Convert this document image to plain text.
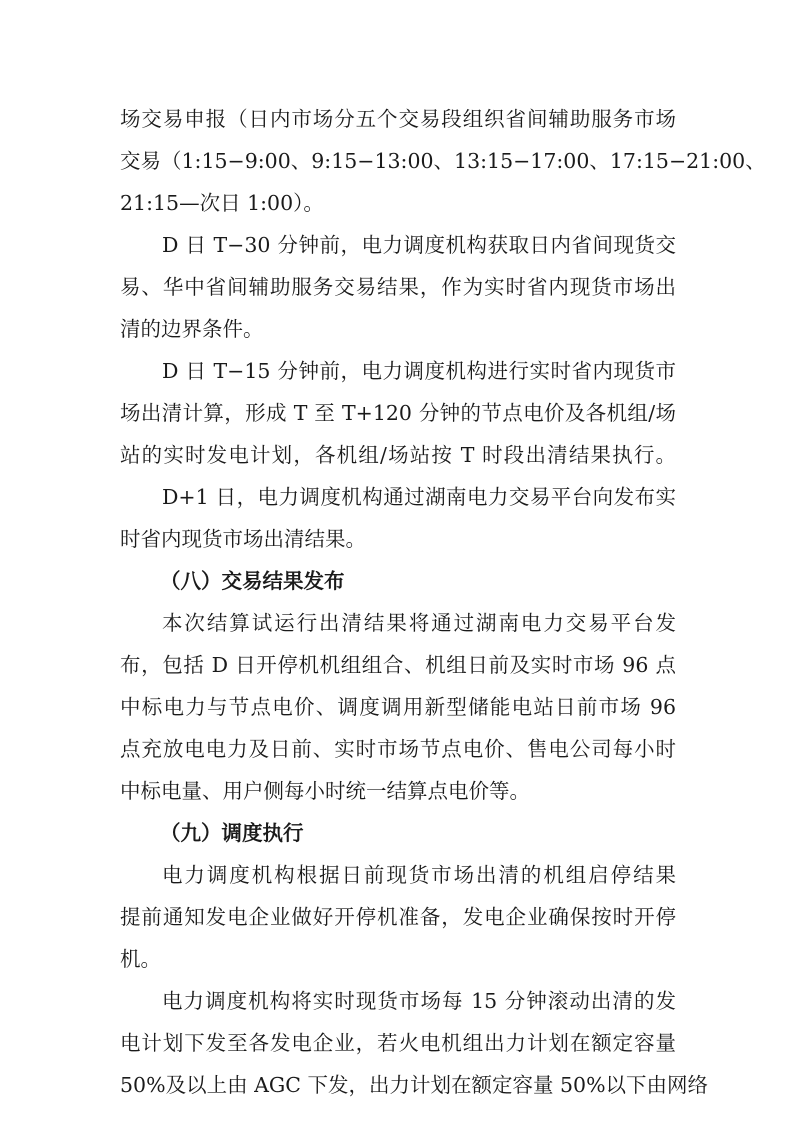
场交易申报（日内市场分五个交易段组织省间辅助服务市场
交易（1:15−9:00、9:15−13:00、13:15−17:00、17:15−21:00、
21:15—次日 1:00）。
D 日 T−30 分钟前，电力调度机构获取日内省间现货交
易、华中省间辅助服务交易结果，作为实时省内现货市场出
清的边界条件。
D 日 T−15 分钟前，电力调度机构进行实时省内现货市
场出清计算，形成 T 至 T+120 分钟的节点电价及各机组/场
站的实时发电计划，各机组/场站按 T 时段出清结果执行。
D+1 日，电力调度机构通过湖南电力交易平台向发布实
时省内现货市场出清结果。
（八）交易结果发布
本次结算试运行出清结果将通过湖南电力交易平台发
布，包括 D 日开停机机组组合、机组日前及实时市场 96 点
中标电力与节点电价、调度调用新型储能电站日前市场 96
点充放电电力及日前、实时市场节点电价、售电公司每小时
中标电量、用户侧每小时统一结算点电价等。
（九）调度执行
电力调度机构根据日前现货市场出清的机组启停结果
提前通知发电企业做好开停机准备，发电企业确保按时开停
机。
电力调度机构将实时现货市场每 15 分钟滚动出清的发
电计划下发至各发电企业，若火电机组出力计划在额定容量
50%及以上由 AGC 下发，出力计划在额定容量 50%以下由网络
